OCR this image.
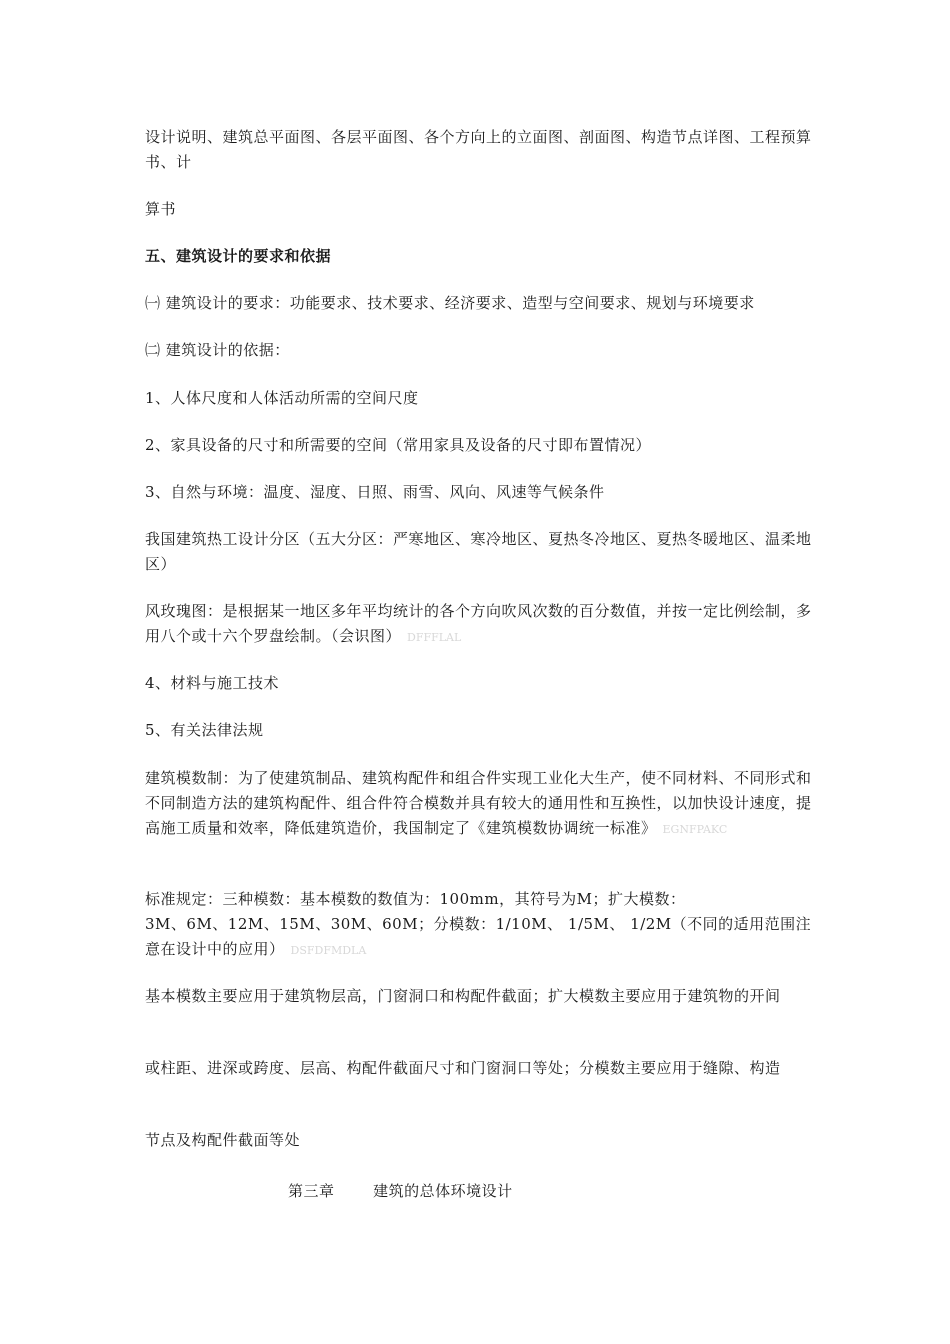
设计说明、建筑总平面图、各层平面图、各个方向上的立面图、剖面图、构造节点详图、工程预算书、计

算书

五、建筑设计的要求和依据

㈠ 建筑设计的要求：功能要求、技术要求、经济要求、造型与空间要求、规划与环境要求

㈡ 建筑设计的依据：

1、人体尺度和人体活动所需的空间尺度

2、家具设备的尺寸和所需要的空间（常用家具及设备的尺寸即布置情况）

3、自然与环境：温度、湿度、日照、雨雪、风向、风速等气候条件

我国建筑热工设计分区（五大分区：严寒地区、寒冷地区、夏热冬冷地区、夏热冬暖地区、温柔地区）

风玫瑰图：是根据某一地区多年平均统计的各个方向吹风次数的百分数值，并按一定比例绘制，多用八个或十六个罗盘绘制。（会识图） DFFFLAL

4、材料与施工技术

5、有关法律法规

建筑模数制：为了使建筑制品、建筑构配件和组合件实现工业化大生产，使不同材料、不同形式和不同制造方法的建筑构配件、组合件符合模数并具有较大的通用性和互换性，以加快设计速度，提高施工质量和效率，降低建筑造价，我国制定了《建筑模数协调统一标准》 EGNFPAKC

标准规定：三种模数：基本模数的数值为：100mm，其符号为M；扩大模数：
3M、6M、12M、15M、30M、60M；分模数：1/10M、 1/5M、 1/2M（不同的适用范围注意在设计中的应用） DSFDFMDLA

基本模数主要应用于建筑物层高，门窗洞口和构配件截面；扩大模数主要应用于建筑物的开间

或柱距、进深或跨度、层高、构配件截面尺寸和门窗洞口等处；分模数主要应用于缝隙、构造

节点及构配件截面等处

第三章	建筑的总体环境设计
